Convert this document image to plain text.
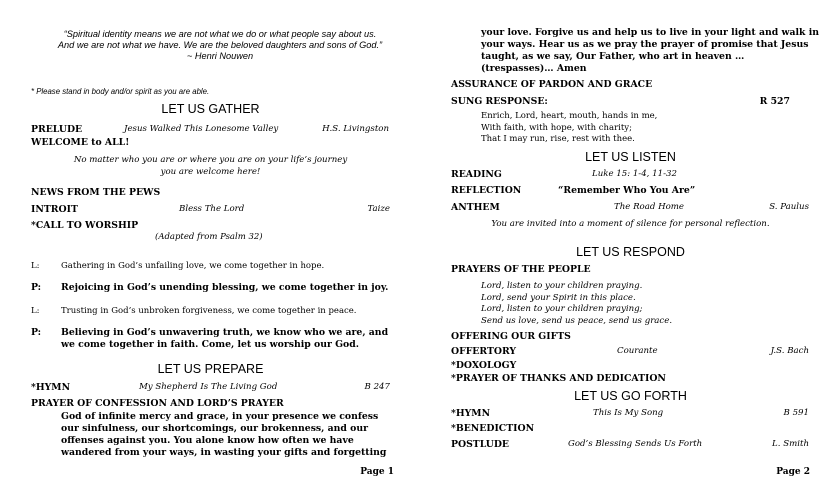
“Spiritual identity means we are not what we do or what people say about us.
And we are not what we have. We are the beloved daughters and sons of God.”
~ Henri Nouwen
* Please stand in body and/or spirit as you are able.
LET US GATHER
PRELUDE	Jesus Walked This Lonesome Valley	H.S. Livingston
WELCOME to ALL!
No matter who you are or where you are on your life’s journey
you are welcome here!
NEWS FROM THE PEWS
INTROIT	Bless The Lord	Taize
*CALL TO WORSHIP
(Adapted from Psalm 32)
L:	Gathering in God’s unfailing love, we come together in hope.
P: Rejoicing in God’s unending blessing, we come together in joy.
L:	Trusting in God’s unbroken forgiveness, we come together in peace.
P: Believing in God’s unwavering truth, we know who we are, and
we come together in faith. Come, let us worship our God.
LET US PREPARE
*HYMN	My Shepherd Is The Living God	B 247
PRAYER OF CONFESSION AND LORD’S PRAYER
God of infinite mercy and grace, in your presence we confess
our sinfulness, our shortcomings, our brokenness, and our
offenses against you. You alone know how often we have
wandered from your ways, in wasting your gifts and forgetting
Page 1
your love. Forgive us and help us to live in your light and walk in
your ways. Hear us as we pray the prayer of promise that Jesus
taught, as we say, Our Father, who art in heaven …
(trespasses)… Amen
ASSURANCE OF PARDON AND GRACE
SUNG RESPONSE:	R 527
Enrich, Lord, heart, mouth, hands in me,
With faith, with hope, with charity;
That I may run, rise, rest with thee.
LET US LISTEN
READING	Luke 15: 1-4, 11-32
REFLECTION	“Remember Who You Are”
ANTHEM	The Road Home	S. Paulus
You are invited into a moment of silence for personal reflection.
LET US RESPOND
PRAYERS OF THE PEOPLE
Lord, listen to your children praying.
Lord, send your Spirit in this place.
Lord, listen to your children praying;
Send us love, send us peace, send us grace.
OFFERING OUR GIFTS
OFFERTORY	Courante	J.S. Bach
*DOXOLOGY
*PRAYER OF THANKS AND DEDICATION
LET US GO FORTH
*HYMN	This Is My Song	B 591
*BENEDICTION
POSTLUDE	God’s Blessing Sends Us Forth	L. Smith
Page 2
